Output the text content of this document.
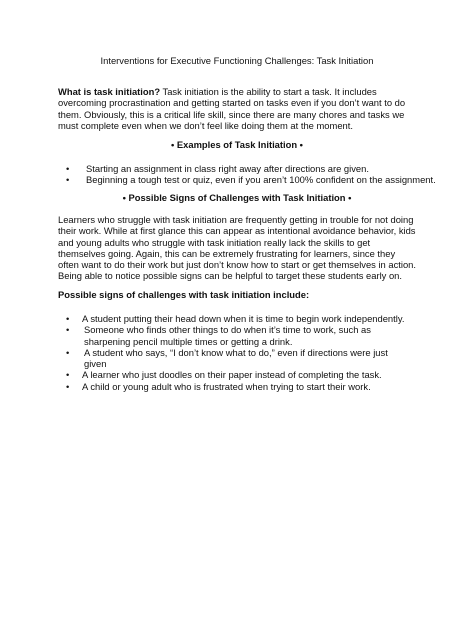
Interventions for Executive Functioning Challenges: Task Initiation

What is task initiation? Task initiation is the ability to start a task. It includes overcoming procrastination and getting started on tasks even if you don’t want to do them. Obviously, this is a critical life skill, since there are many chores and tasks we must complete even when we don’t feel like doing them at the moment.

• Examples of Task Initiation •
•	Starting an assignment in class right away after directions are given.
•	Beginning a tough test or quiz, even if you aren’t 100% confident on the assignment.
• Possible Signs of Challenges with Task Initiation •

Learners who struggle with task initiation are frequently getting in trouble for not doing their work. While at first glance this can appear as intentional avoidance behavior, kids and young adults who struggle with task initiation really lack the skills to get themselves going. Again, this can be extremely frustrating for learners, since they often want to do their work but just don’t know how to start or get themselves in action. Being able to notice possible signs can be helpful to target these students early on.

Possible signs of challenges with task initiation include:
•	A student putting their head down when it is time to begin work independently.
•	Someone who finds other things to do when it’s time to work, such as sharpening pencil multiple times or getting a drink.
•	A student who says, “I don’t know what to do,” even if directions were just given
•	A learner who just doodles on their paper instead of completing the task.
•	A child or young adult who is frustrated when trying to start their work.
